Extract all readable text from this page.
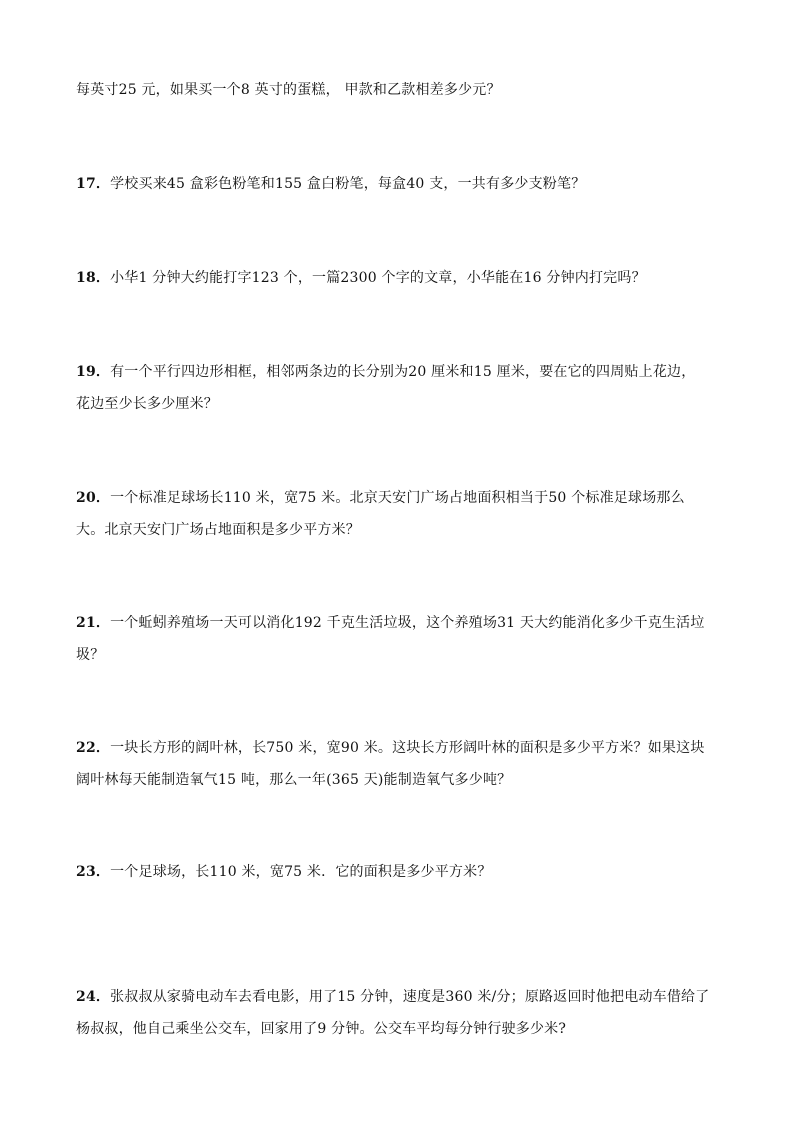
每英寸25 元，如果买一个8 英寸的蛋糕， 甲款和乙款相差多少元？
17．学校买来45 盒彩色粉笔和155 盒白粉笔，每盒40 支，一共有多少支粉笔？
18．小华1 分钟大约能打字123 个，一篇2300 个字的文章，小华能在16 分钟内打完吗？
19．有一个平行四边形相框，相邻两条边的长分别为20 厘米和15 厘米，要在它的四周贴上花边，
花边至少长多少厘米？
20．一个标准足球场长110 米，宽75 米。北京天安门广场占地面积相当于50 个标准足球场那么
大。北京天安门广场占地面积是多少平方米？
21．一个蚯蚓养殖场一天可以消化192 千克生活垃圾，这个养殖场31 天大约能消化多少千克生活垃
圾？
22．一块长方形的阔叶林，长750 米，宽90 米。这块长方形阔叶林的面积是多少平方米？如果这块
阔叶林每天能制造氧气15 吨，那么一年(365 天)能制造氧气多少吨？
23．一个足球场，长110 米，宽75 米．它的面积是多少平方米？
24．张叔叔从家骑电动车去看电影，用了15 分钟，速度是360 米/分；原路返回时他把电动车借给了
杨叔叔，他自己乘坐公交车，回家用了9 分钟。公交车平均每分钟行驶多少米?
